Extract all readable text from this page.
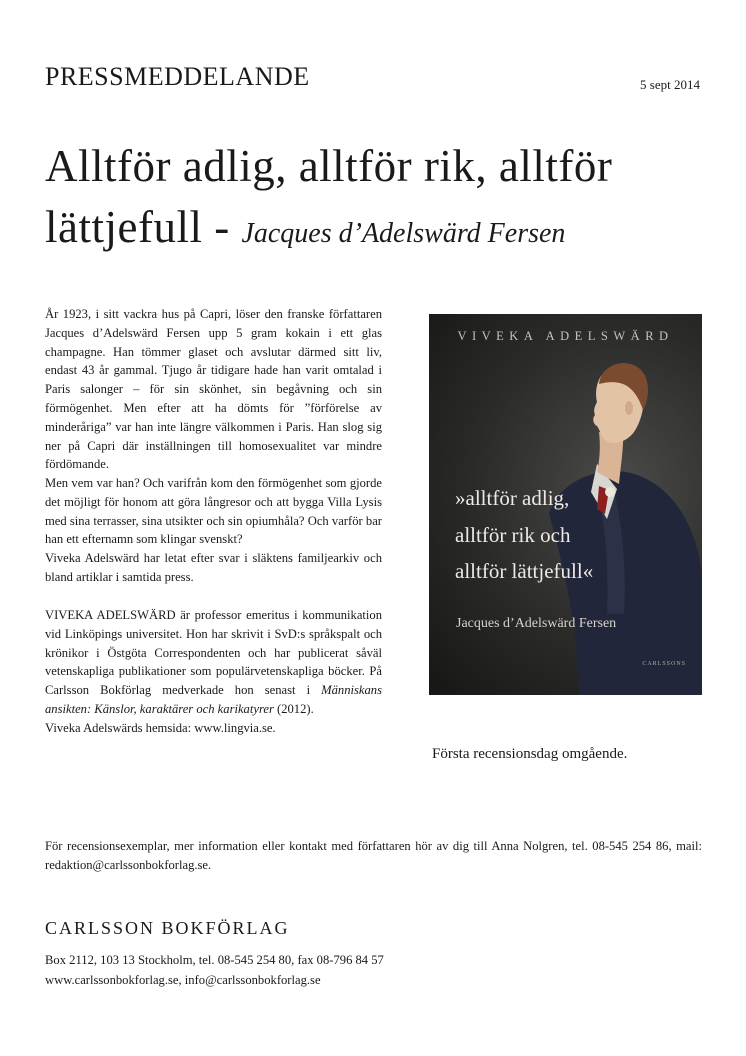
PRESSMEDDELANDE	5 sept 2014
Alltför adlig, alltför rik, alltför
lättjefull - Jacques d’Adelswärd Fersen

År 1923, i sitt vackra hus på Capri, löser den franske författaren Jacques d’Adelswärd Fersen upp 5 gram kokain i ett glas champagne. Han tömmer glaset och avslutar därmed sitt liv, endast 43 år gammal. Tjugo år tidigare hade han varit omtalad i Paris salonger – för sin skönhet, sin begåvning och sin förmögenhet. Men efter att ha dömts för ”förförelse av minderåriga” var han inte längre välkommen i Paris. Han slog sig ner på Capri där inställningen till homosexualitet var mindre fördömande.

Men vem var han? Och varifrån kom den förmögenhet som gjorde det möjligt för honom att göra långresor och att bygga Villa Lysis med sina terrasser, sina utsikter och sin opiumhåla? Och varför bar han ett efternamn som klingar svenskt?

Viveka Adelswärd har letat efter svar i släktens familjearkiv och bland artiklar i samtida press.

VIVEKA ADELSWÄRD är professor emeritus i kommunikation vid Linköpings universitet. Hon har skrivit i SvD:s språkspalt och krönikor i Östgöta Correspondenten och har publicerat såväl vetenskapliga publikationer som populärvetenskapliga böcker. På Carlsson Bokförlag medverkade hon senast i Människans ansikten: Känslor, karaktärer och karikatyrer (2012).

Viveka Adelswärds hemsida: www.lingvia.se.

VIVEKA ADELSWÄRD
»alltför adlig,
alltför rik och
alltför lättjefull«
Jacques d’Adelswärd Fersen
CARLSSONS
Första recensionsdag omgående.
För recensionsexemplar, mer information eller kontakt med författaren hör av dig till Anna Nolgren, tel. 08-545 254 86, mail: redaktion@carlssonbokforlag.se.
CARLSSON BOKFÖRLAG
Box 2112, 103 13 Stockholm, tel. 08-545 254 80, fax 08-796 84 57
www.carlssonbokforlag.se, info@carlssonbokforlag.se
